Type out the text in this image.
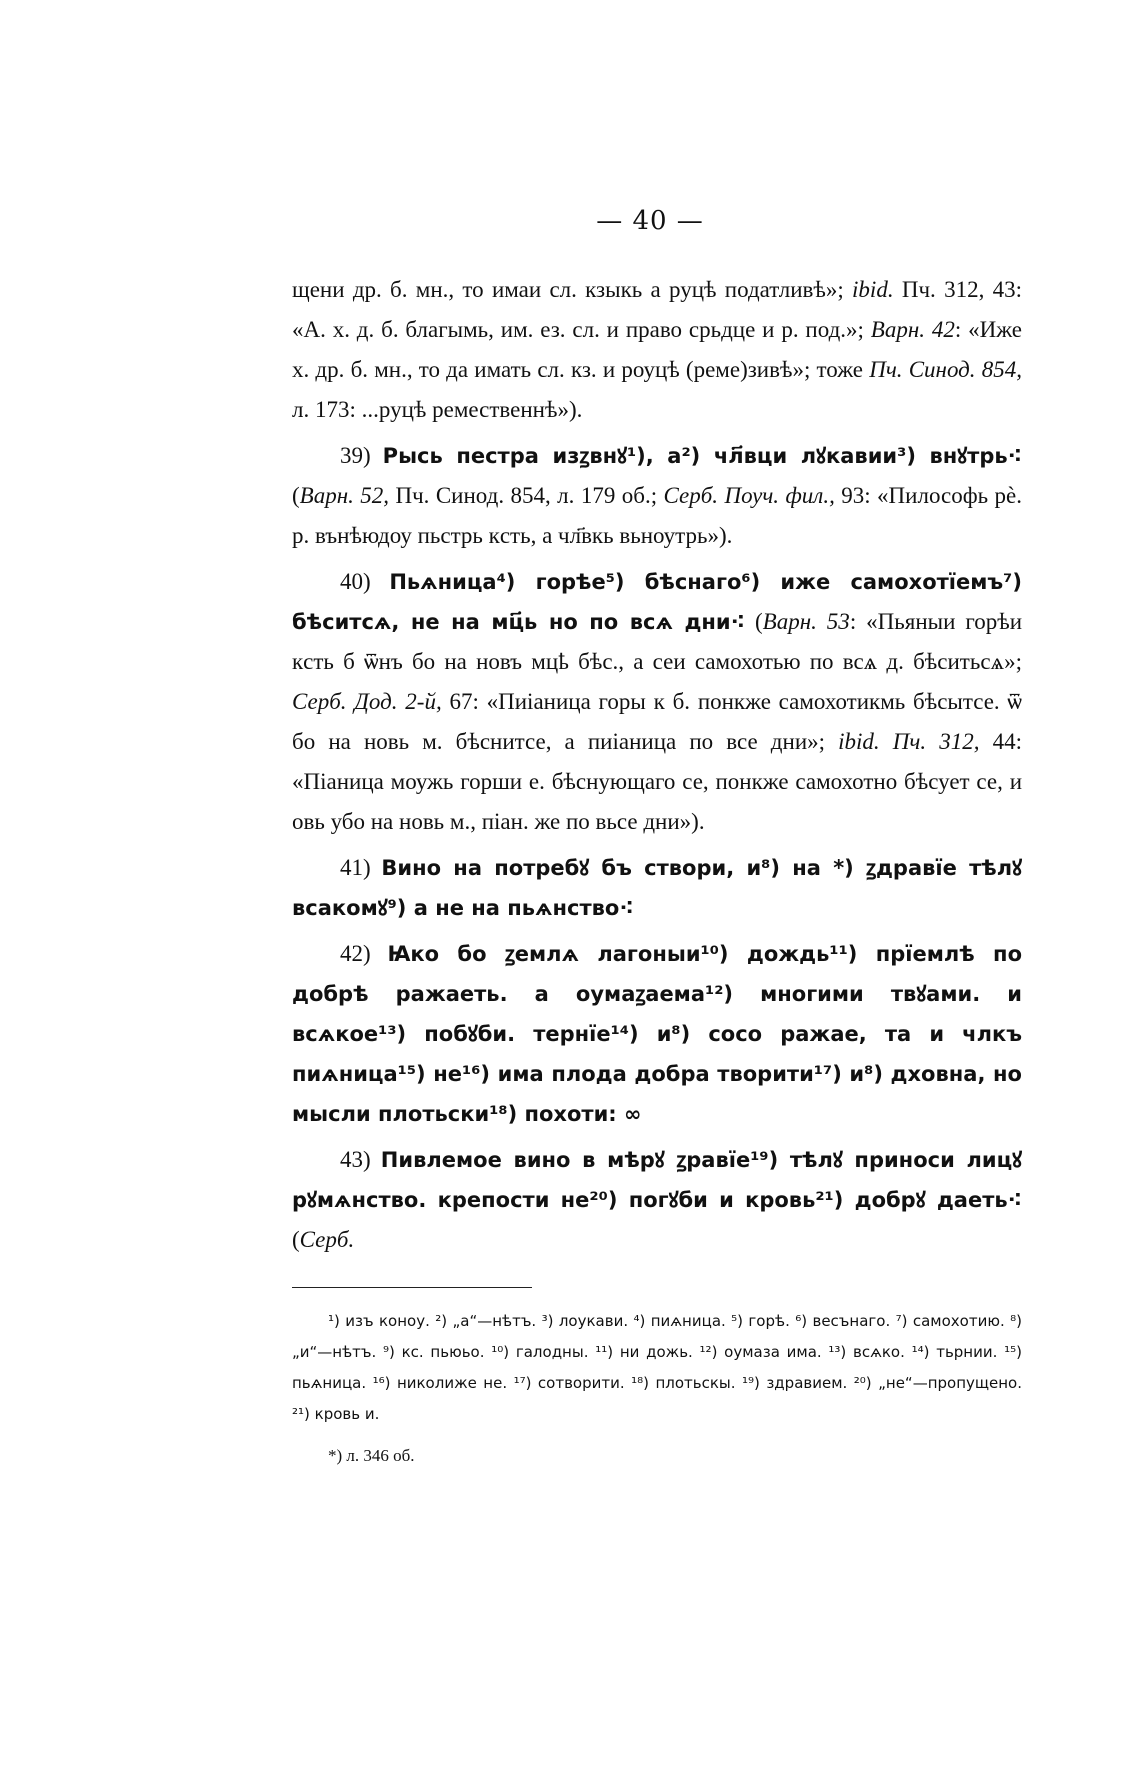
— 40 —

щени др. б. мн., то имаи сл. кзыкь а руцѣ податливѣ»; ibid. Пч. 312, 43: «А. х. д. б. благымь, им. ез. сл. и право срьдце и р. под.»; Варн. 42: «Иже х. др. б. мн., то да имать сл. кз. и роуцѣ (реме)зивѣ»; тоже Пч. Синод. 854, л. 173: ...руцѣ ремественнѣ»).

39) Рысь пестра изꙁвнꙋ¹), а²) чл҃вци лꙋкавии³) внꙋтрь⁖ (Варн. 52, Пч. Синод. 854, л. 179 об.; Серб. Поуч. фил., 93: «Пилософь рѐ. р. вънѣюдоу пьстрь кcть, а чл҃вкь вьноутрь»).

40) Пьѧница⁴) горѣе⁵) бѣснаго⁶) иже самохотїемъ⁷) бѣситсѧ, не на мц҃ь но по всѧ дни⁖ (Варн. 53: «Пьяныи горѣи кcть б ѿнъ бо на новъ мцҍ бѣс., а сеи самохотью по всѧ д. бѣситьсѧ»; Серб. Дод. 2-й, 67: «Пиіаница горы к б. понкже самохотикмь бѣсытсе. ѿ бо на новь м. бѣснитсе, а пиіаница по все дни»; ibid. Пч. 312, 44: «Піаница моужь горши е. бѣснующаго се, понкже самохотно бѣсует се, и овь убо на новь м., піан. же по вьсе дни»).

41) Вино на потребꙋ бъ створи, и⁸) на *) ꙁдравїе тѣлꙋ всакомꙋ⁹) а не на пьѧнство⁖

42) Ꙗко бо ꙁемлѧ лагоныи¹⁰) дождь¹¹) прїемлѣ по добрѣ ражаеть. а оумаꙁаема¹²) многими твꙋами. и всѧкое¹³) побꙋби. тернїе¹⁴) и⁸) сосо ражае, та и члкъ пиѧница¹⁵) не¹⁶) има плода добра творити¹⁷) и⁸) дховна, но мысли плотьски¹⁸) похоти: ∞

43) Пивлемое вино в мѣрꙋ ꙁравїе¹⁹) тѣлꙋ приноси лицꙋ рꙋмѧнство. крепости не²⁰) погꙋби и кровь²¹) добрꙋ даеть⁖ (Серб.

¹) изъ коноу. ²) „а“—нѣтъ. ³) лоукави. ⁴) пиѧница. ⁵) горѣ. ⁶) весънаго. ⁷) самохотию. ⁸) „и“—нѣтъ. ⁹) кс. пьюьо. ¹⁰) галодны. ¹¹) ни дожь. ¹²) оумаза има. ¹³) всѧко. ¹⁴) тьрнии. ¹⁵) пьѧница. ¹⁶) николиже не. ¹⁷) сотворити. ¹⁸) плотьскы. ¹⁹) здравием. ²⁰) „не“—пропущено. ²¹) кровь и.

*) л. 346 об.
